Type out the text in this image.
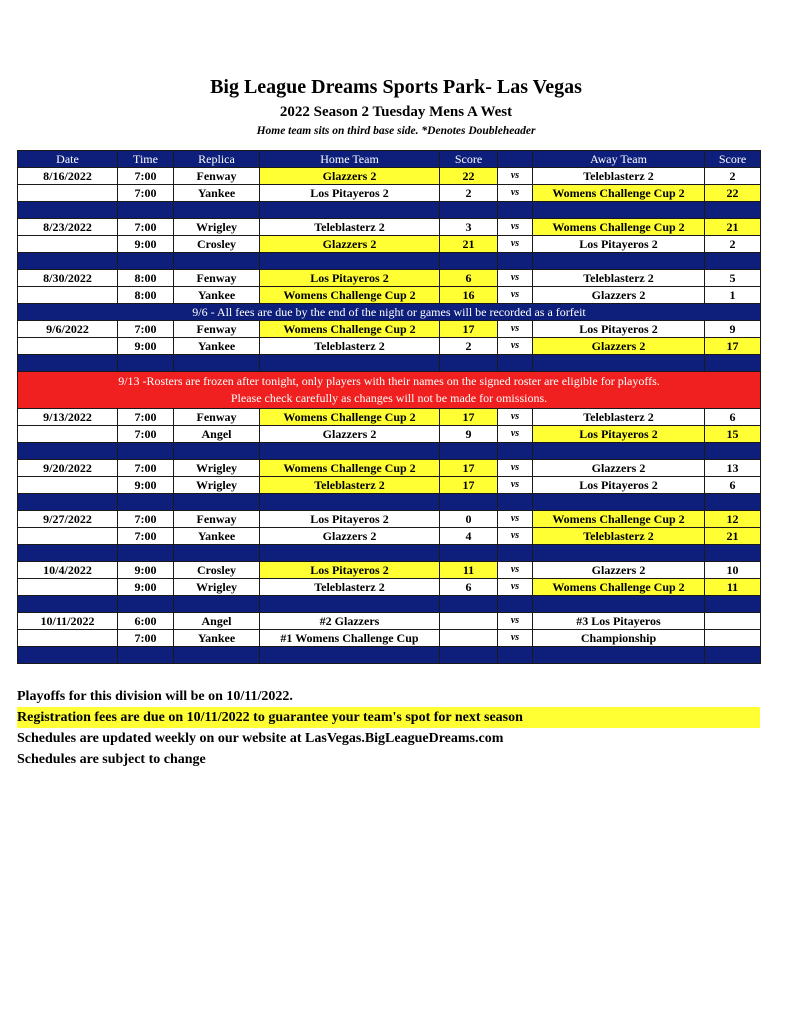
Big League Dreams Sports Park- Las Vegas
2022 Season 2 Tuesday Mens A West
Home team sits on third base side. *Denotes Doubleheader
Date	Time	Replica	Home Team	Score		Away Team	Score
8/16/2022	7:00	Fenway	Glazzers 2	22	vs	Teleblasterz 2	2
	7:00	Yankee	Los Pitayeros 2	2	vs	Womens Challenge Cup 2	22

8/23/2022	7:00	Wrigley	Teleblasterz 2	3	vs	Womens Challenge Cup 2	21
	9:00	Crosley	Glazzers 2	21	vs	Los Pitayeros 2	2

8/30/2022	8:00	Fenway	Los Pitayeros 2	6	vs	Teleblasterz 2	5
	8:00	Yankee	Womens Challenge Cup 2	16	vs	Glazzers 2	1
9/6 - All fees are due by the end of the night or games will be recorded as a forfeit							
9/6/2022	7:00	Fenway	Womens Challenge Cup 2	17	vs	Los Pitayeros 2	9
	9:00	Yankee	Teleblasterz 2	2	vs	Glazzers 2	17

9/13 -Rosters are frozen after tonight, only players with their names on the signed roster are eligible for playoffs.
Please check carefully as changes will not be made for omissions.							

9/13/2022	7:00	Fenway	Womens Challenge Cup 2	17	vs	Teleblasterz 2	6
	7:00	Angel	Glazzers 2	9	vs	Los Pitayeros 2	15

9/20/2022	7:00	Wrigley	Womens Challenge Cup 2	17	vs	Glazzers 2	13
	9:00	Wrigley	Teleblasterz 2	17	vs	Los Pitayeros 2	6

9/27/2022	7:00	Fenway	Los Pitayeros 2	0	vs	Womens Challenge Cup 2	12
	7:00	Yankee	Glazzers 2	4	vs	Teleblasterz 2	21

10/4/2022	9:00	Crosley	Los Pitayeros 2	11	vs	Glazzers 2	10
	9:00	Wrigley	Teleblasterz 2	6	vs	Womens Challenge Cup 2	11

10/11/2022	6:00	Angel	#2 Glazzers		vs	#3 Los Pitayeros	
	7:00	Yankee	#1 Womens Challenge Cup		vs	Championship	

Playoffs for this division will be on 10/11/2022.
Registration fees are due on 10/11/2022 to guarantee your team's spot for next season
Schedules are updated weekly on our website at LasVegas.BigLeagueDreams.com
Schedules are subject to change
